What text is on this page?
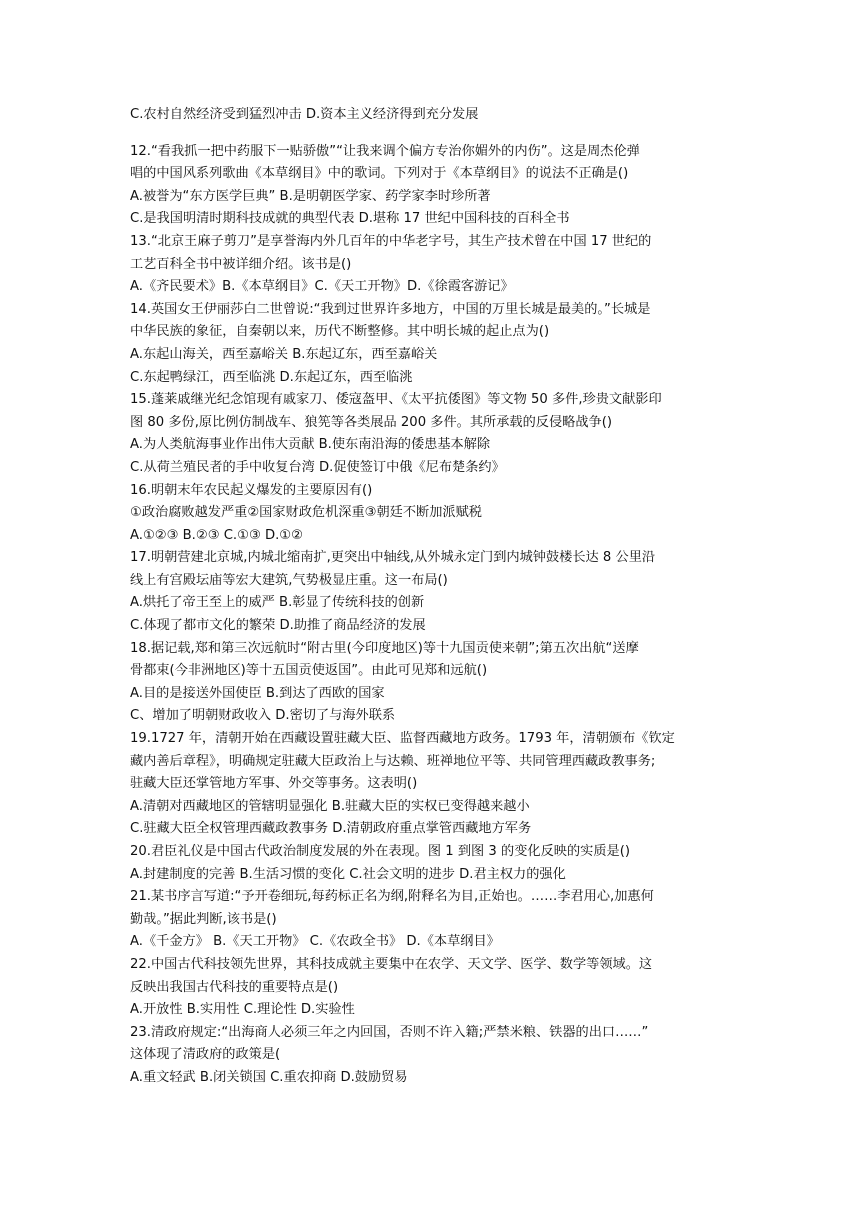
C.农村自然经济受到猛烈冲击 D.资本主义经济得到充分发展
12.“看我抓一把中药服下一贴骄傲”“让我来调个偏方专治你媚外的内伤”。这是周杰伦弹
唱的中国风系列歌曲《本草纲目》中的歌词。下列对于《本草纲目》的说法不正确是()
A.被誉为“东方医学巨典” B.是明朝医学家、药学家李时珍所著
C.是我国明清时期科技成就的典型代表 D.堪称 17 世纪中国科技的百科全书
13.“北京王麻子剪刀”是享誉海内外几百年的中华老字号，其生产技术曾在中国 17 世纪的
工艺百科全书中被详细介绍。该书是()
A.《齐民要术》B.《本草纲目》C.《天工开物》D.《徐霞客游记》
14.英国女王伊丽莎白二世曾说:“我到过世界许多地方，中国的万里长城是最美的。”长城是
中华民族的象征，自秦朝以来，历代不断整修。其中明长城的起止点为()
A.东起山海关，西至嘉峪关 B.东起辽东，西至嘉峪关
C.东起鸭绿江，西至临洮 D.东起辽东，西至临洮
15.蓬莱戚继光纪念馆现有戚家刀、倭寇盔甲、《太平抗倭图》等文物 50 多件,珍贵文献影印
图 80 多份,原比例仿制战车、狼筅等各类展品 200 多件。其所承载的反侵略战争()
A.为人类航海事业作出伟大贡献 B.使东南沿海的倭患基本解除
C.从荷兰殖民者的手中收复台湾 D.促使签订中俄《尼布楚条约》
16.明朝末年农民起义爆发的主要原因有()
①政治腐败越发严重②国家财政危机深重③朝廷不断加派赋税
A.①②③ B.②③ C.①③ D.①②
17.明朝营建北京城,内城北缩南扩,更突出中轴线,从外城永定门到内城钟鼓楼长达 8 公里沿
线上有宫殿坛庙等宏大建筑,气势极显庄重。这一布局()
A.烘托了帝王至上的威严 B.彰显了传统科技的创新
C.体现了都市文化的繁荣 D.助推了商品经济的发展
18.据记载,郑和第三次远航时“附古里(今印度地区)等十九国贡使来朝”;第五次出航“送摩
骨都束(今非洲地区)等十五国贡使返国”。由此可见郑和远航()
A.目的是接送外国使臣 B.到达了西欧的国家
C、增加了明朝财政收入 D.密切了与海外联系
19.1727 年，清朝开始在西藏设置驻藏大臣、监督西藏地方政务。1793 年，清朝颁布《钦定
藏内善后章程》，明确规定驻藏大臣政治上与达赖、班禅地位平等、共同管理西藏政教事务;
驻藏大臣还掌管地方军事、外交等事务。这表明()
A.清朝对西藏地区的管辖明显强化 B.驻藏大臣的实权已变得越来越小
C.驻藏大臣全权管理西藏政教事务 D.清朝政府重点掌管西藏地方军务
20.君臣礼仪是中国古代政治制度发展的外在表现。图 1 到图 3 的变化反映的实质是()
A.封建制度的完善 B.生活习惯的变化 C.社会文明的进步 D.君主权力的强化
21.某书序言写道:“予开卷细玩,每药标正名为纲,附释名为目,正始也。……李君用心,加惠何
勤哉。”据此判断,该书是()
A.《千金方》 B.《天工开物》 C.《农政全书》 D.《本草纲目》
22.中国古代科技领先世界，其科技成就主要集中在农学、天文学、医学、数学等领域。这
反映出我国古代科技的重要特点是()
A.开放性 B.实用性 C.理论性 D.实验性
23.清政府规定:“出海商人必须三年之内回国，否则不许入籍;严禁米粮、铁器的出口……”
这体现了清政府的政策是(
A.重文轻武 B.闭关锁国 C.重农抑商 D.鼓励贸易
